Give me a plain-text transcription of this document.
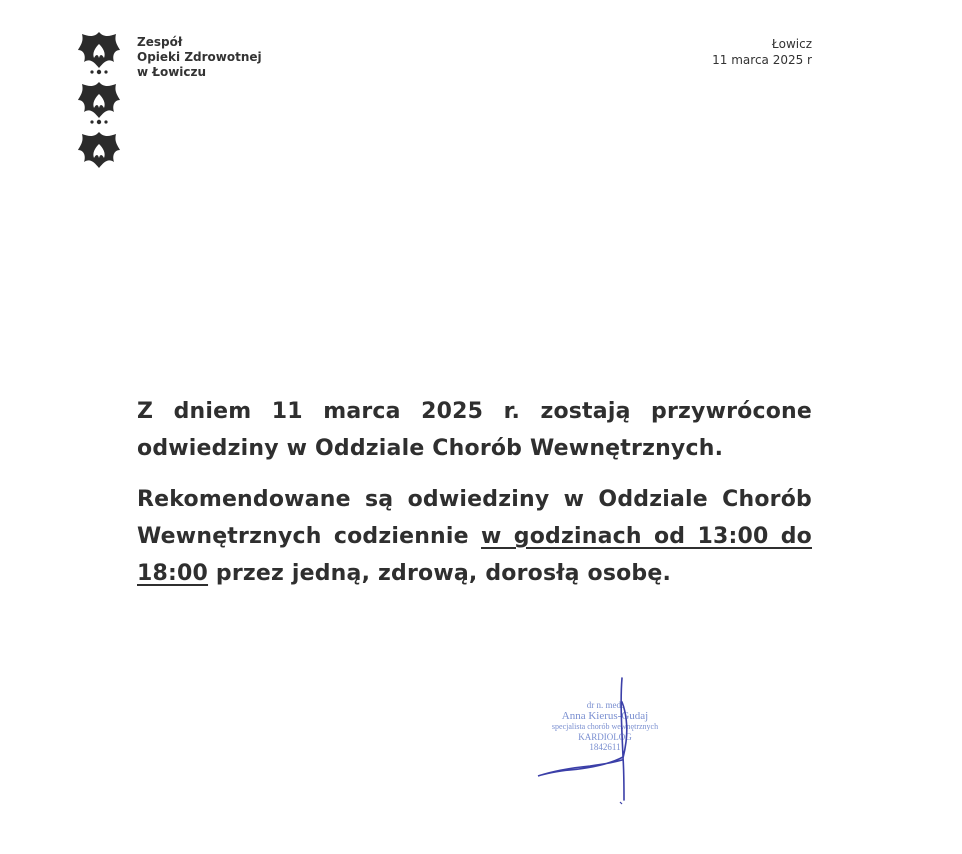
Zespół
Opieki Zdrowotnej
w Łowiczu
Łowicz
11 marca 2025 r

Z dniem 11 marca 2025 r. zostają przywrócone odwiedziny w Oddziale Chorób Wewnętrznych.

Rekomendowane są odwiedziny w Oddziale Chorób Wewnętrznych codziennie w godzinach od 13:00 do 18:00 przez jedną, zdrową, dorosłą osobę.

dr n. med.
Anna Kierus-Gudaj
specjalista chorób wewnętrznych
KARDIOLOG
1842611
